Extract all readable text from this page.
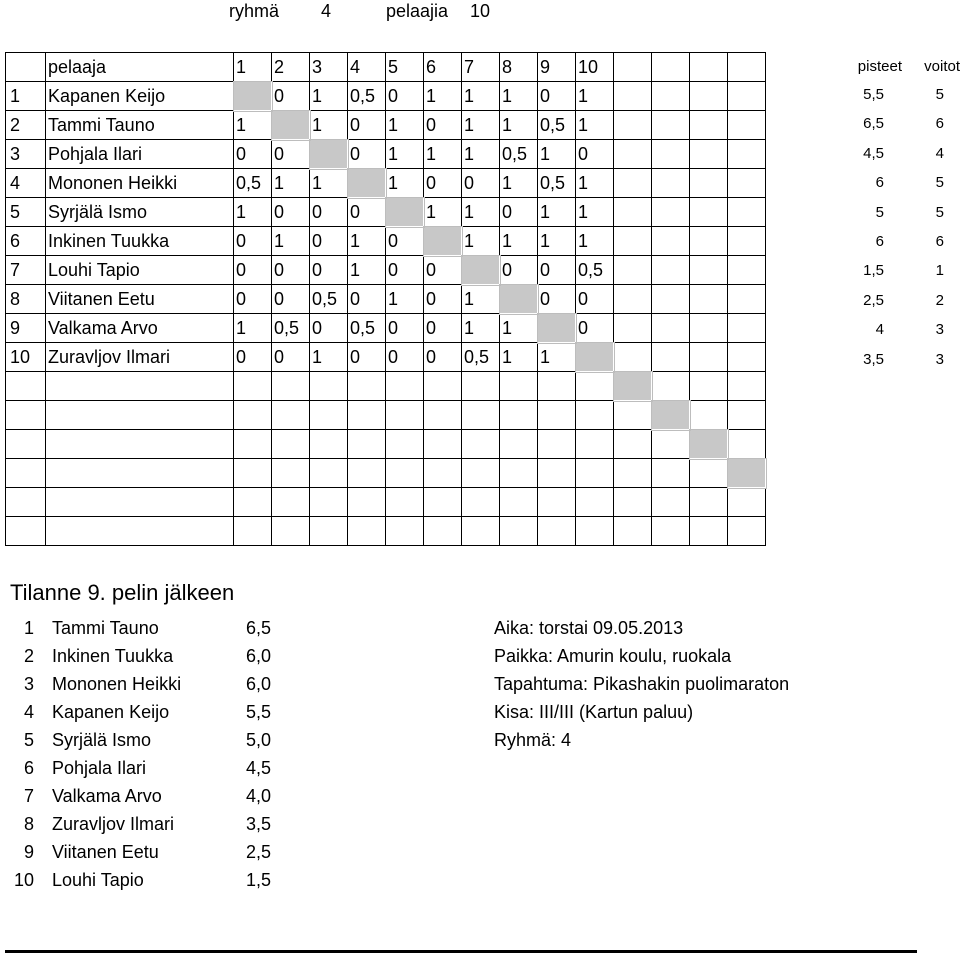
ryhmä 4	pelaajia 10
	pelaaja	1	2	3	4	5	6	7	8	9	10				
1	Kapanen Keijo		0	1	0,5	0	1	1	1	0	1				
2	Tammi Tauno	1		1	0	1	0	1	1	0,5	1				
3	Pohjala Ilari	0	0		0	1	1	1	0,5	1	0				
4	Mononen Heikki	0,5	1	1		1	0	0	1	0,5	1				
5	Syrjälä Ismo	1	0	0	0		1	1	0	1	1				
6	Inkinen Tuukka	0	1	0	1	0		1	1	1	1				
7	Louhi Tapio	0	0	0	1	0	0		0	0	0,5				
8	Viitanen Eetu	0	0	0,5	0	1	0	1		0	0				
9	Valkama Arvo	1	0,5	0	0,5	0	0	1	1		0				
10	Zuravljov Ilmari	0	0	1	0	0	0	0,5	1	1					

pisteet	voitot
5,5	5
6,5	6
4,5	4
6	5
5	5
6	6
1,5	1
2,5	2
4	3
3,5	3
Tilanne 9. pelin jälkeen
1 Tammi Tauno	6,5
2 Inkinen Tuukka	6,0
3 Mononen Heikki	6,0
4 Kapanen Keijo	5,5
5 Syrjälä Ismo	5,0
6 Pohjala Ilari	4,5
7 Valkama Arvo	4,0
8 Zuravljov Ilmari	3,5
9 Viitanen Eetu	2,5
10 Louhi Tapio	1,5
Aika: torstai 09.05.2013
Paikka: Amurin koulu, ruokala
Tapahtuma: Pikashakin puolimaraton
Kisa: III/III (Kartun paluu)
Ryhmä: 4
